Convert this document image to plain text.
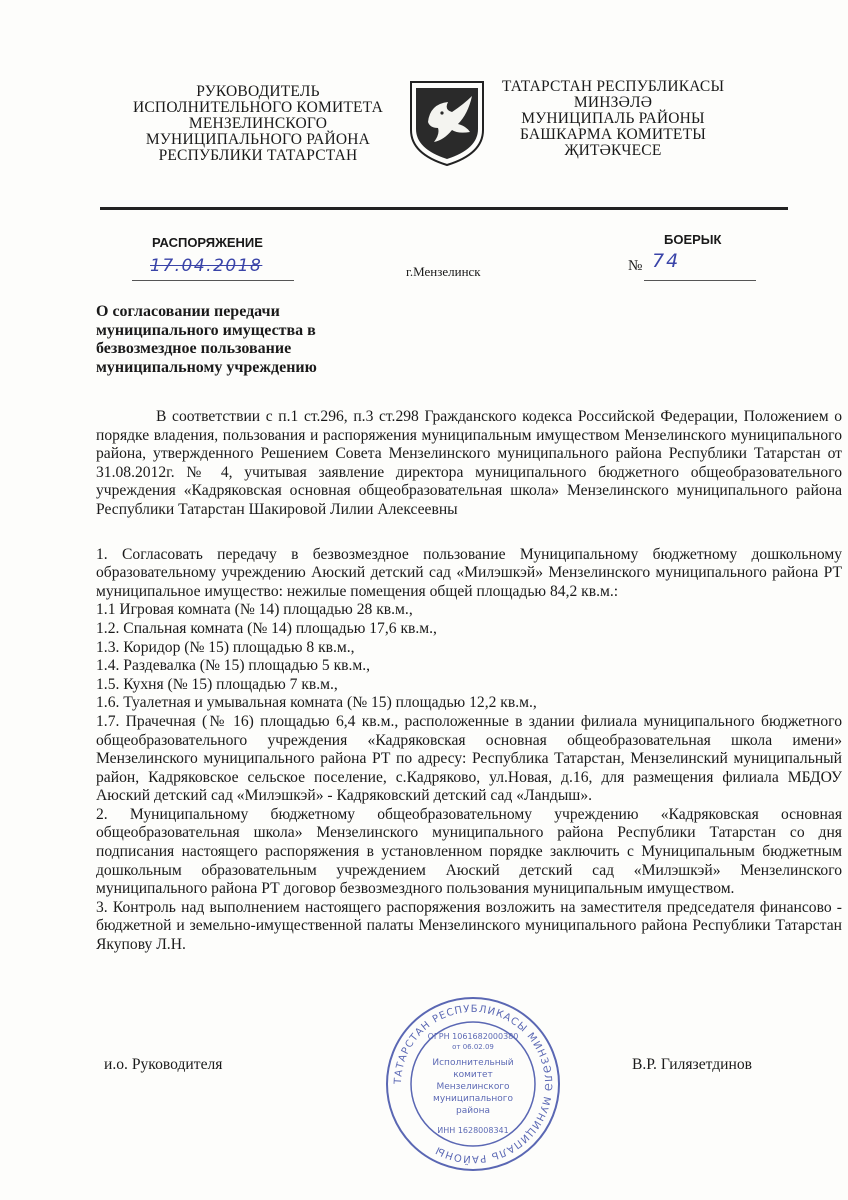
РУКОВОДИТЕЛЬ
ИСПОЛНИТЕЛЬНОГО КОМИТЕТА
МЕНЗЕЛИНСКОГО
МУНИЦИПАЛЬНОГО РАЙОНА
РЕСПУБЛИКИ ТАТАРСТАН
ТАТАРСТАН РЕСПУБЛИКАСЫ
МИНЗӘЛӘ
МУНИЦИПАЛЬ РАЙОНЫ
БАШКАРМА КОМИТЕТЫ
ҖИТӘКЧЕСЕ
РАСПОРЯЖЕНИЕ	БОЕРЫК
17.04.2018	г.Мензелинск	№ 74
О согласовании передачи муниципального имущества в безвозмездное пользование муниципальному учреждению

В соответствии с п.1 ст.296, п.3 ст.298 Гражданского кодекса Российской Федерации, Положением о порядке владения, пользования и распоряжения муниципальным имуществом Мензелинского муниципального района, утвержденного Решением Совета Мензелинского муниципального района Республики Татарстан от 31.08.2012г. № 4, учитывая заявление директора муниципального бюджетного общеобразовательного учреждения «Кадряковская основная общеобразовательная школа» Мензелинского муниципального района Республики Татарстан Шакировой Лилии Алексеевны

1. Согласовать передачу в безвозмездное пользование Муниципальному бюджетному дошкольному образовательному учреждению Аюский детский сад «Милэшкэй» Мензелинского муниципального района РТ муниципальное имущество: нежилые помещения общей площадью 84,2 кв.м.:

1.1 Игровая комната (№ 14) площадью 28 кв.м.,

1.2. Спальная комната (№ 14) площадью 17,6 кв.м.,

1.3. Коридор (№ 15) площадью 8 кв.м.,

1.4. Раздевалка (№ 15) площадью 5 кв.м.,

1.5. Кухня (№ 15) площадью 7 кв.м.,

1.6. Туалетная и умывальная комната (№ 15) площадью 12,2 кв.м.,

1.7. Прачечная (№ 16) площадью 6,4 кв.м., расположенные в здании филиала муниципального бюджетного общеобразовательного учреждения «Кадряковская основная общеобразовательная школа имени» Мензелинского муниципального района РТ по адресу: Республика Татарстан, Мензелинский муниципальный район, Кадряковское сельское поселение, с.Кадряково, ул.Новая, д.16, для размещения филиала МБДОУ Аюский детский сад «Милэшкэй» - Кадряковский детский сад «Ландыш».

2. Муниципальному бюджетному общеобразовательному учреждению «Кадряковская основная общеобразовательная школа» Мензелинского муниципального района Республики Татарстан со дня подписания настоящего распоряжения в установленном порядке заключить с Муниципальным бюджетным дошкольным образовательным учреждением Аюский детский сад «Милэшкэй» Мензелинского муниципального района РТ договор безвозмездного пользования муниципальным имуществом.

3. Контроль над выполнением настоящего распоряжения возложить на заместителя председателя финансово - бюджетной и земельно-имущественной палаты Мензелинского муниципального района Республики Татарстан Якупову Л.Н.

и.о. Руководителя	В.Р. Гилязетдинов
ТАТАРСТАН РЕСПУБЛИКАСЫ МИНЗӘЛӘ МУНИЦИПАЛЬ РАЙОНЫ
ОГРН 1061682000380
от 06.02.09
Исполнительный
комитет
Мензелинского
муниципального
района
ИНН 1628008341
